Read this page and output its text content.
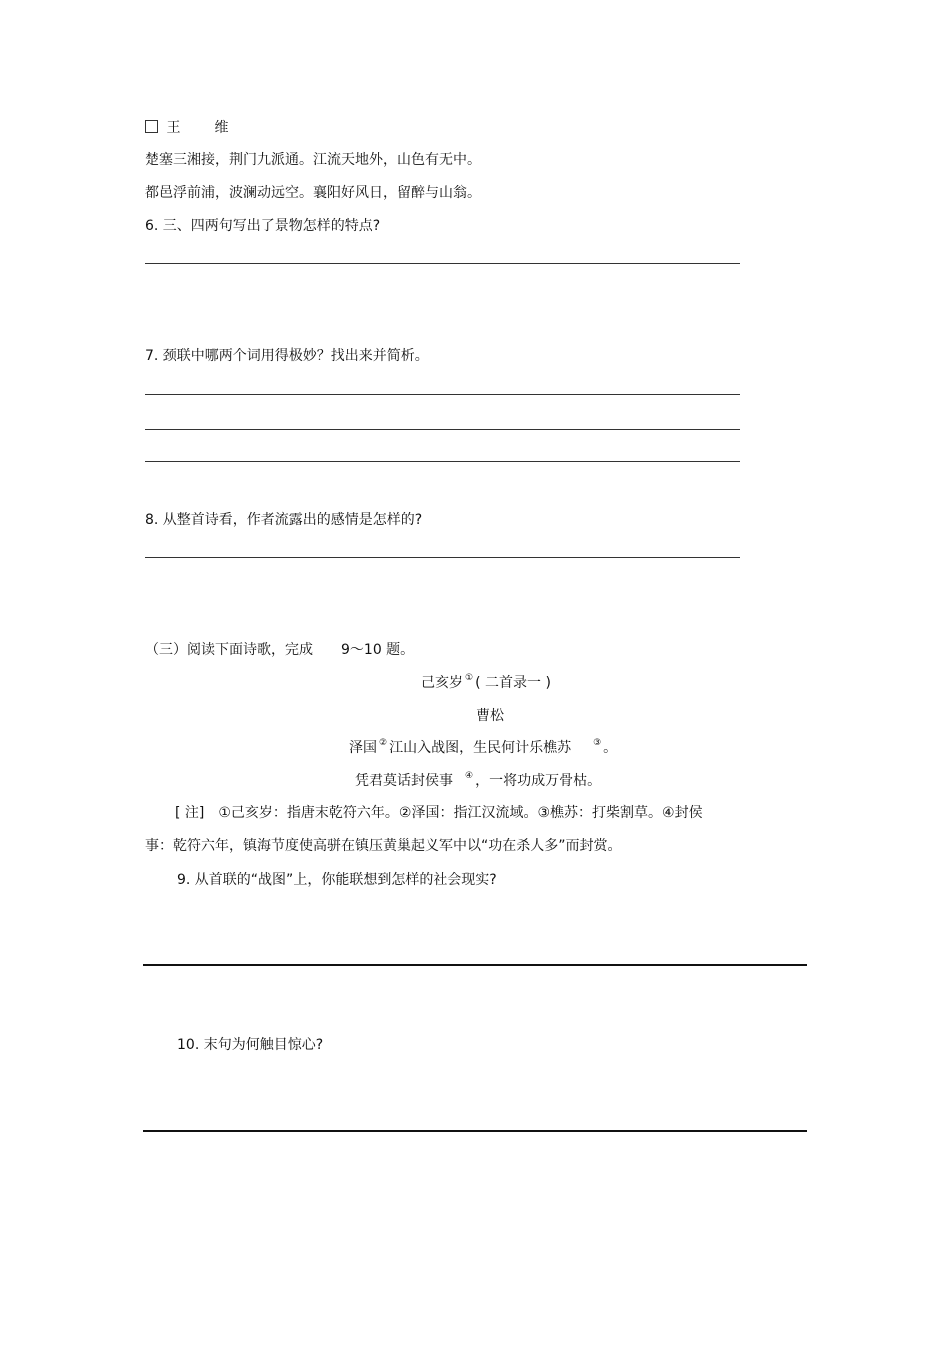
王　维
楚塞三湘接，荆门九派通。江流天地外，山色有无中。
都邑浮前浦，波澜动远空。襄阳好风日，留醉与山翁。
6. 三、四两句写出了景物怎样的特点?
7. 颈联中哪两个词用得极妙？找出来并简析。
8. 从整首诗看，作者流露出的感情是怎样的?
（三）阅读下面诗歌，完成　　9～10 题。
己亥岁 ① ( 二首录一 )
曹松
泽国 ② 江山入战图，生民何计乐樵苏 ③ 。
凭君莫话封侯事 ④ ，一将功成万骨枯。
[ 注]　①己亥岁：指唐末乾符六年。②泽国：指江汉流域。③樵苏：打柴割草。④封侯
事：乾符六年，镇海节度使高骈在镇压黄巢起义军中以“功在杀人多”而封赏。
9. 从首联的“战图”上，你能联想到怎样的社会现实?
10. 末句为何触目惊心?
